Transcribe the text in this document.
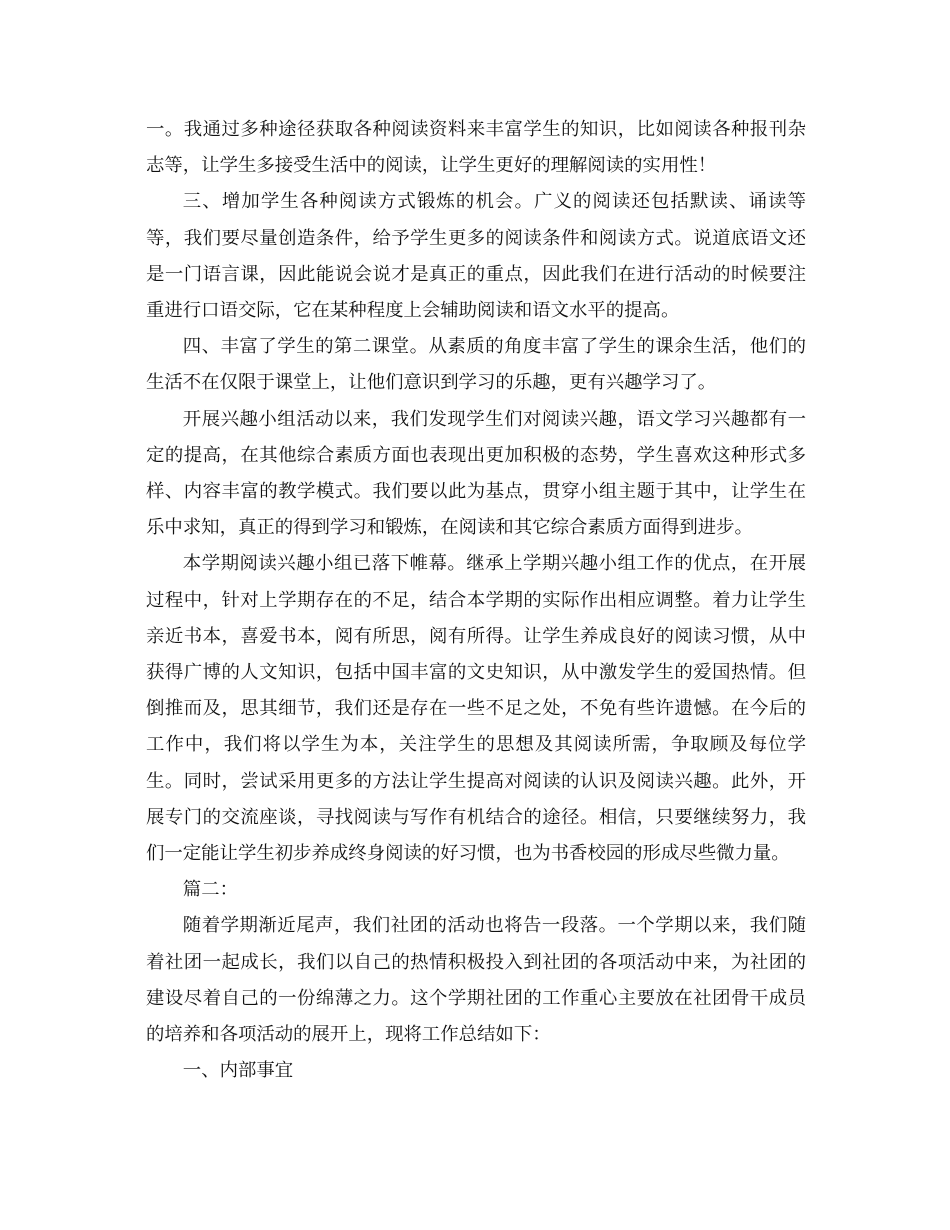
一。我通过多种途径获取各种阅读资料来丰富学生的知识，比如阅读各种报刊杂志等，让学生多接受生活中的阅读，让学生更好的理解阅读的实用性！

三、增加学生各种阅读方式锻炼的机会。广义的阅读还包括默读、诵读等等，我们要尽量创造条件，给予学生更多的阅读条件和阅读方式。说道底语文还是一门语言课，因此能说会说才是真正的重点，因此我们在进行活动的时候要注重进行口语交际，它在某种程度上会辅助阅读和语文水平的提高。

四、丰富了学生的第二课堂。从素质的角度丰富了学生的课余生活，他们的生活不在仅限于课堂上，让他们意识到学习的乐趣，更有兴趣学习了。

开展兴趣小组活动以来，我们发现学生们对阅读兴趣，语文学习兴趣都有一定的提高，在其他综合素质方面也表现出更加积极的态势，学生喜欢这种形式多样、内容丰富的教学模式。我们要以此为基点，贯穿小组主题于其中，让学生在乐中求知，真正的得到学习和锻炼，在阅读和其它综合素质方面得到进步。

本学期阅读兴趣小组已落下帷幕。继承上学期兴趣小组工作的优点，在开展过程中，针对上学期存在的不足，结合本学期的实际作出相应调整。着力让学生亲近书本，喜爱书本，阅有所思，阅有所得。让学生养成良好的阅读习惯，从中获得广博的人文知识，包括中国丰富的文史知识，从中激发学生的爱国热情。但倒推而及，思其细节，我们还是存在一些不足之处，不免有些许遗憾。在今后的工作中，我们将以学生为本，关注学生的思想及其阅读所需，争取顾及每位学生。同时，尝试采用更多的方法让学生提高对阅读的认识及阅读兴趣。此外，开展专门的交流座谈，寻找阅读与写作有机结合的途径。相信，只要继续努力，我们一定能让学生初步养成终身阅读的好习惯，也为书香校园的形成尽些微力量。

篇二：

随着学期渐近尾声，我们社团的活动也将告一段落。一个学期以来，我们随着社团一起成长，我们以自己的热情积极投入到社团的各项活动中来，为社团的建设尽着自己的一份绵薄之力。这个学期社团的工作重心主要放在社团骨干成员的培养和各项活动的展开上，现将工作总结如下：

一、内部事宜
